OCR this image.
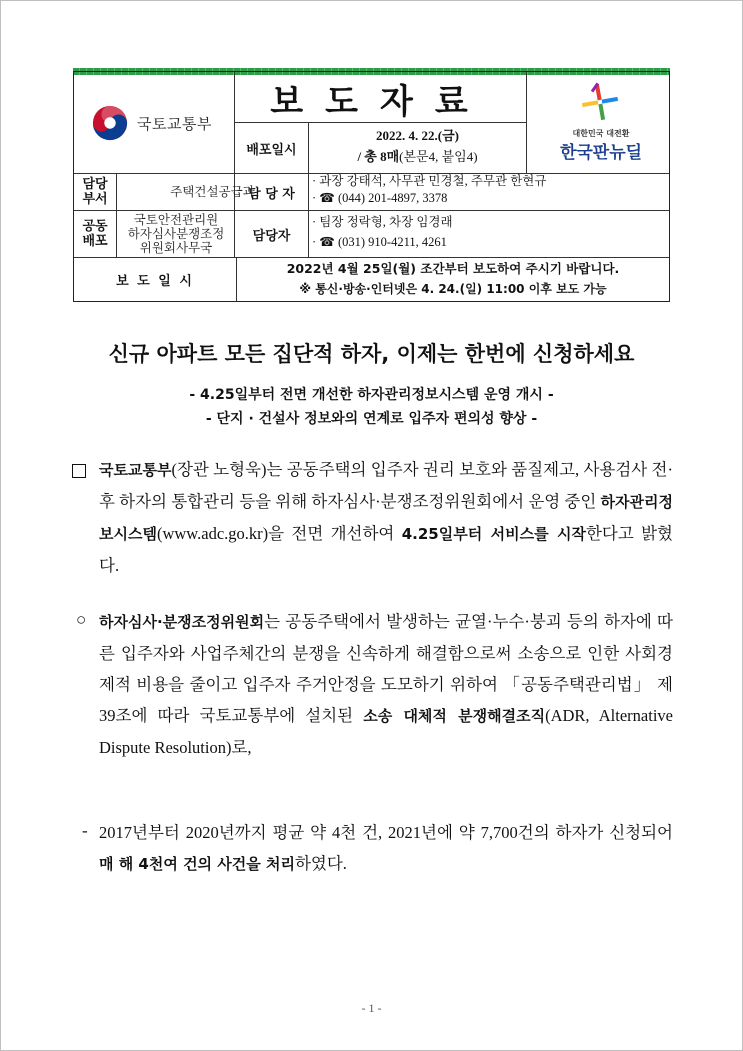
국토교통부
보도자료
배포일시
2022. 4. 22.(금)
/ 총 8매(본문4, 붙임4)
대한민국 대전환
한국판뉴딜
담당
부서	주택건설공급과
담 당 자
· 과장 강태석, 사무관 민경철, 주무관 한현규
· ☎ (044) 201-4897, 3378
공동
배포
국토안전관리원
하자심사분쟁조정
위원회사무국
담당자
· 팀장 정락형, 차장 임경래
· ☎ (031) 910-4211, 4261
보 도 일 시
2022년 4월 25일(월) 조간부터 보도하여 주시기 바랍니다.
※ 통신·방송·인터넷은 4. 24.(일) 11:00 이후 보도 가능
신규 아파트 모든 집단적 하자, 이제는 한번에 신청하세요
- 4.25일부터 전면 개선한 하자관리정보시스템 운영 개시 -
- 단지 · 건설사 정보와의 연계로 입주자 편의성 향상 -
국토교통부(장관 노형욱)는 공동주택의 입주자 권리 보호와 품질제고, 사용검사 전·후 하자의 통합관리 등을 위해 하자심사·분쟁조정위원회에서 운영 중인 하자관리정보시스템(www.adc.go.kr)을 전면 개선하여 4.25일부터 서비스를 시작한다고 밝혔다.
○ 하자심사·분쟁조정위원회는 공동주택에서 발생하는 균열·누수·붕괴 등의 하자에 따른 입주자와 사업주체간의 분쟁을 신속하게 해결함으로써 소송으로 인한 사회경제적 비용을 줄이고 입주자 주거안정을 도모하기 위하여 「공동주택관리법」 제39조에 따라 국토교통부에 설치된 소송 대체적 분쟁해결조직(ADR, Alternative Dispute Resolution)로,
- 2017년부터 2020년까지 평균 약 4천 건, 2021년에 약 7,700건의 하자가 신청되어 매 해 4천여 건의 사건을 처리하였다.
- 1 -
